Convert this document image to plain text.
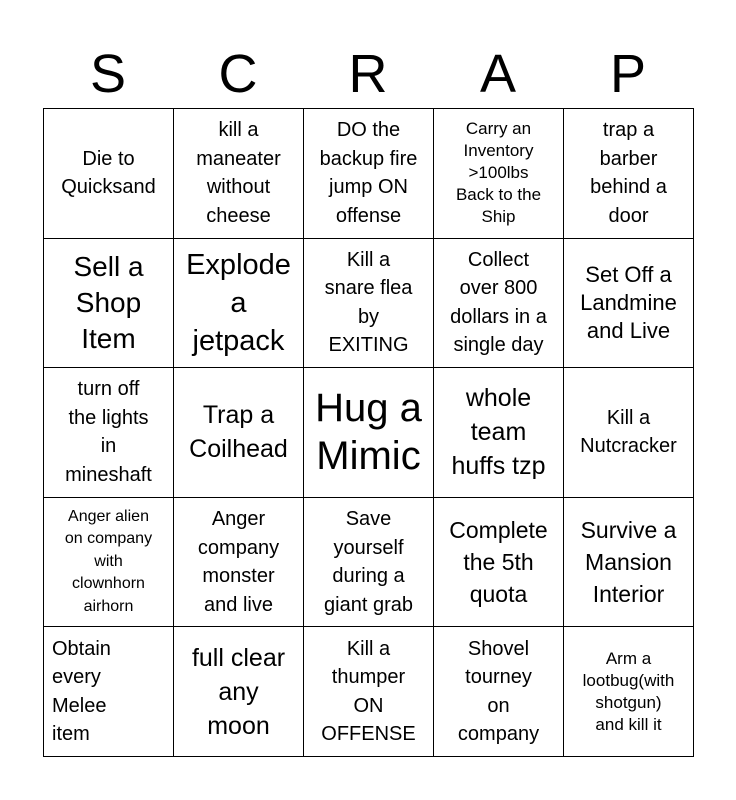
S	C	R	A	P
Die to
Quicksand
kill a
maneater
without
cheese
DO the
backup fire
jump ON
offense
Carry an
Inventory
>100lbs
Back to the
Ship
trap a
barber
behind a
door
Sell a
Shop
Item
Explode
a
jetpack
Kill a
snare flea
by
EXITING
Collect
over 800
dollars in a
single day
Set Off a
Landmine
and Live
turn off
the lights
in
mineshaft
Trap a
Coilhead
Hug a
Mimic
whole
team
huffs tzp
Kill a
Nutcracker
Anger alien
on company
with
clownhorn
airhorn
Anger
company
monster
and live
Save
yourself
during a
giant grab
Complete
the 5th
quota
Survive a
Mansion
Interior
Obtain
every
Melee
item
full clear
any
moon
Kill a
thumper
ON
OFFENSE
Shovel
tourney
on
company
Arm a
lootbug(with
shotgun)
and kill it
